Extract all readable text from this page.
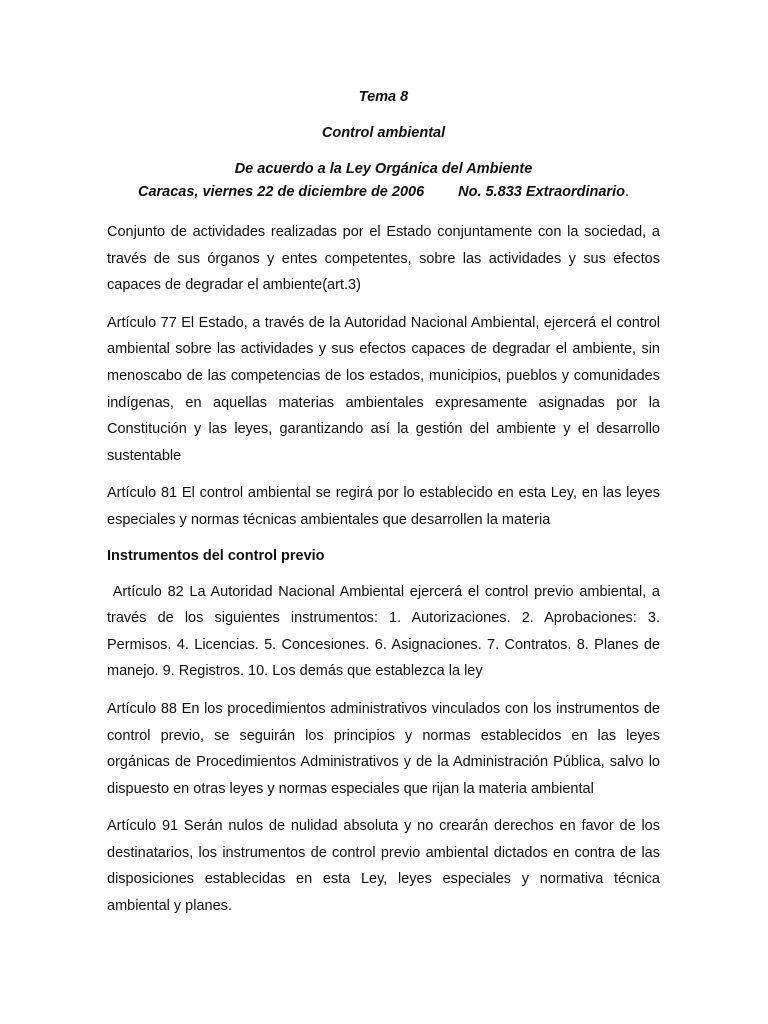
Tema 8

Control ambiental

De acuerdo a la Ley Orgánica del Ambiente

Caracas, viernes 22 de diciembre de 2006 No. 5.833 Extraordinario.

Conjunto de actividades realizadas por el Estado conjuntamente con la sociedad, a través de sus órganos y entes competentes, sobre las actividades y sus efectos capaces de degradar el ambiente(art.3)

Artículo 77 El Estado, a través de la Autoridad Nacional Ambiental, ejercerá el control ambiental sobre las actividades y sus efectos capaces de degradar el ambiente, sin menoscabo de las competencias de los estados, municipios, pueblos y comunidades indígenas, en aquellas materias ambientales expresamente asignadas por la Constitución y las leyes, garantizando así la gestión del ambiente y el desarrollo sustentable

Artículo 81 El control ambiental se regirá por lo establecido en esta Ley, en las leyes especiales y normas técnicas ambientales que desarrollen la materia

Instrumentos del control previo

Artículo 82 La Autoridad Nacional Ambiental ejercerá el control previo ambiental, a través de los siguientes instrumentos: 1. Autorizaciones. 2. Aprobaciones: 3. Permisos. 4. Licencias. 5. Concesiones. 6. Asignaciones. 7. Contratos. 8. Planes de manejo. 9. Registros. 10. Los demás que establezca la ley

Artículo 88 En los procedimientos administrativos vinculados con los instrumentos de control previo, se seguirán los principios y normas establecidos en las leyes orgánicas de Procedimientos Administrativos y de la Administración Pública, salvo lo dispuesto en otras leyes y normas especiales que rijan la materia ambiental

Artículo 91 Serán nulos de nulidad absoluta y no crearán derechos en favor de los destinatarios, los instrumentos de control previo ambiental dictados en contra de las disposiciones establecidas en esta Ley, leyes especiales y normativa técnica ambiental y planes.
